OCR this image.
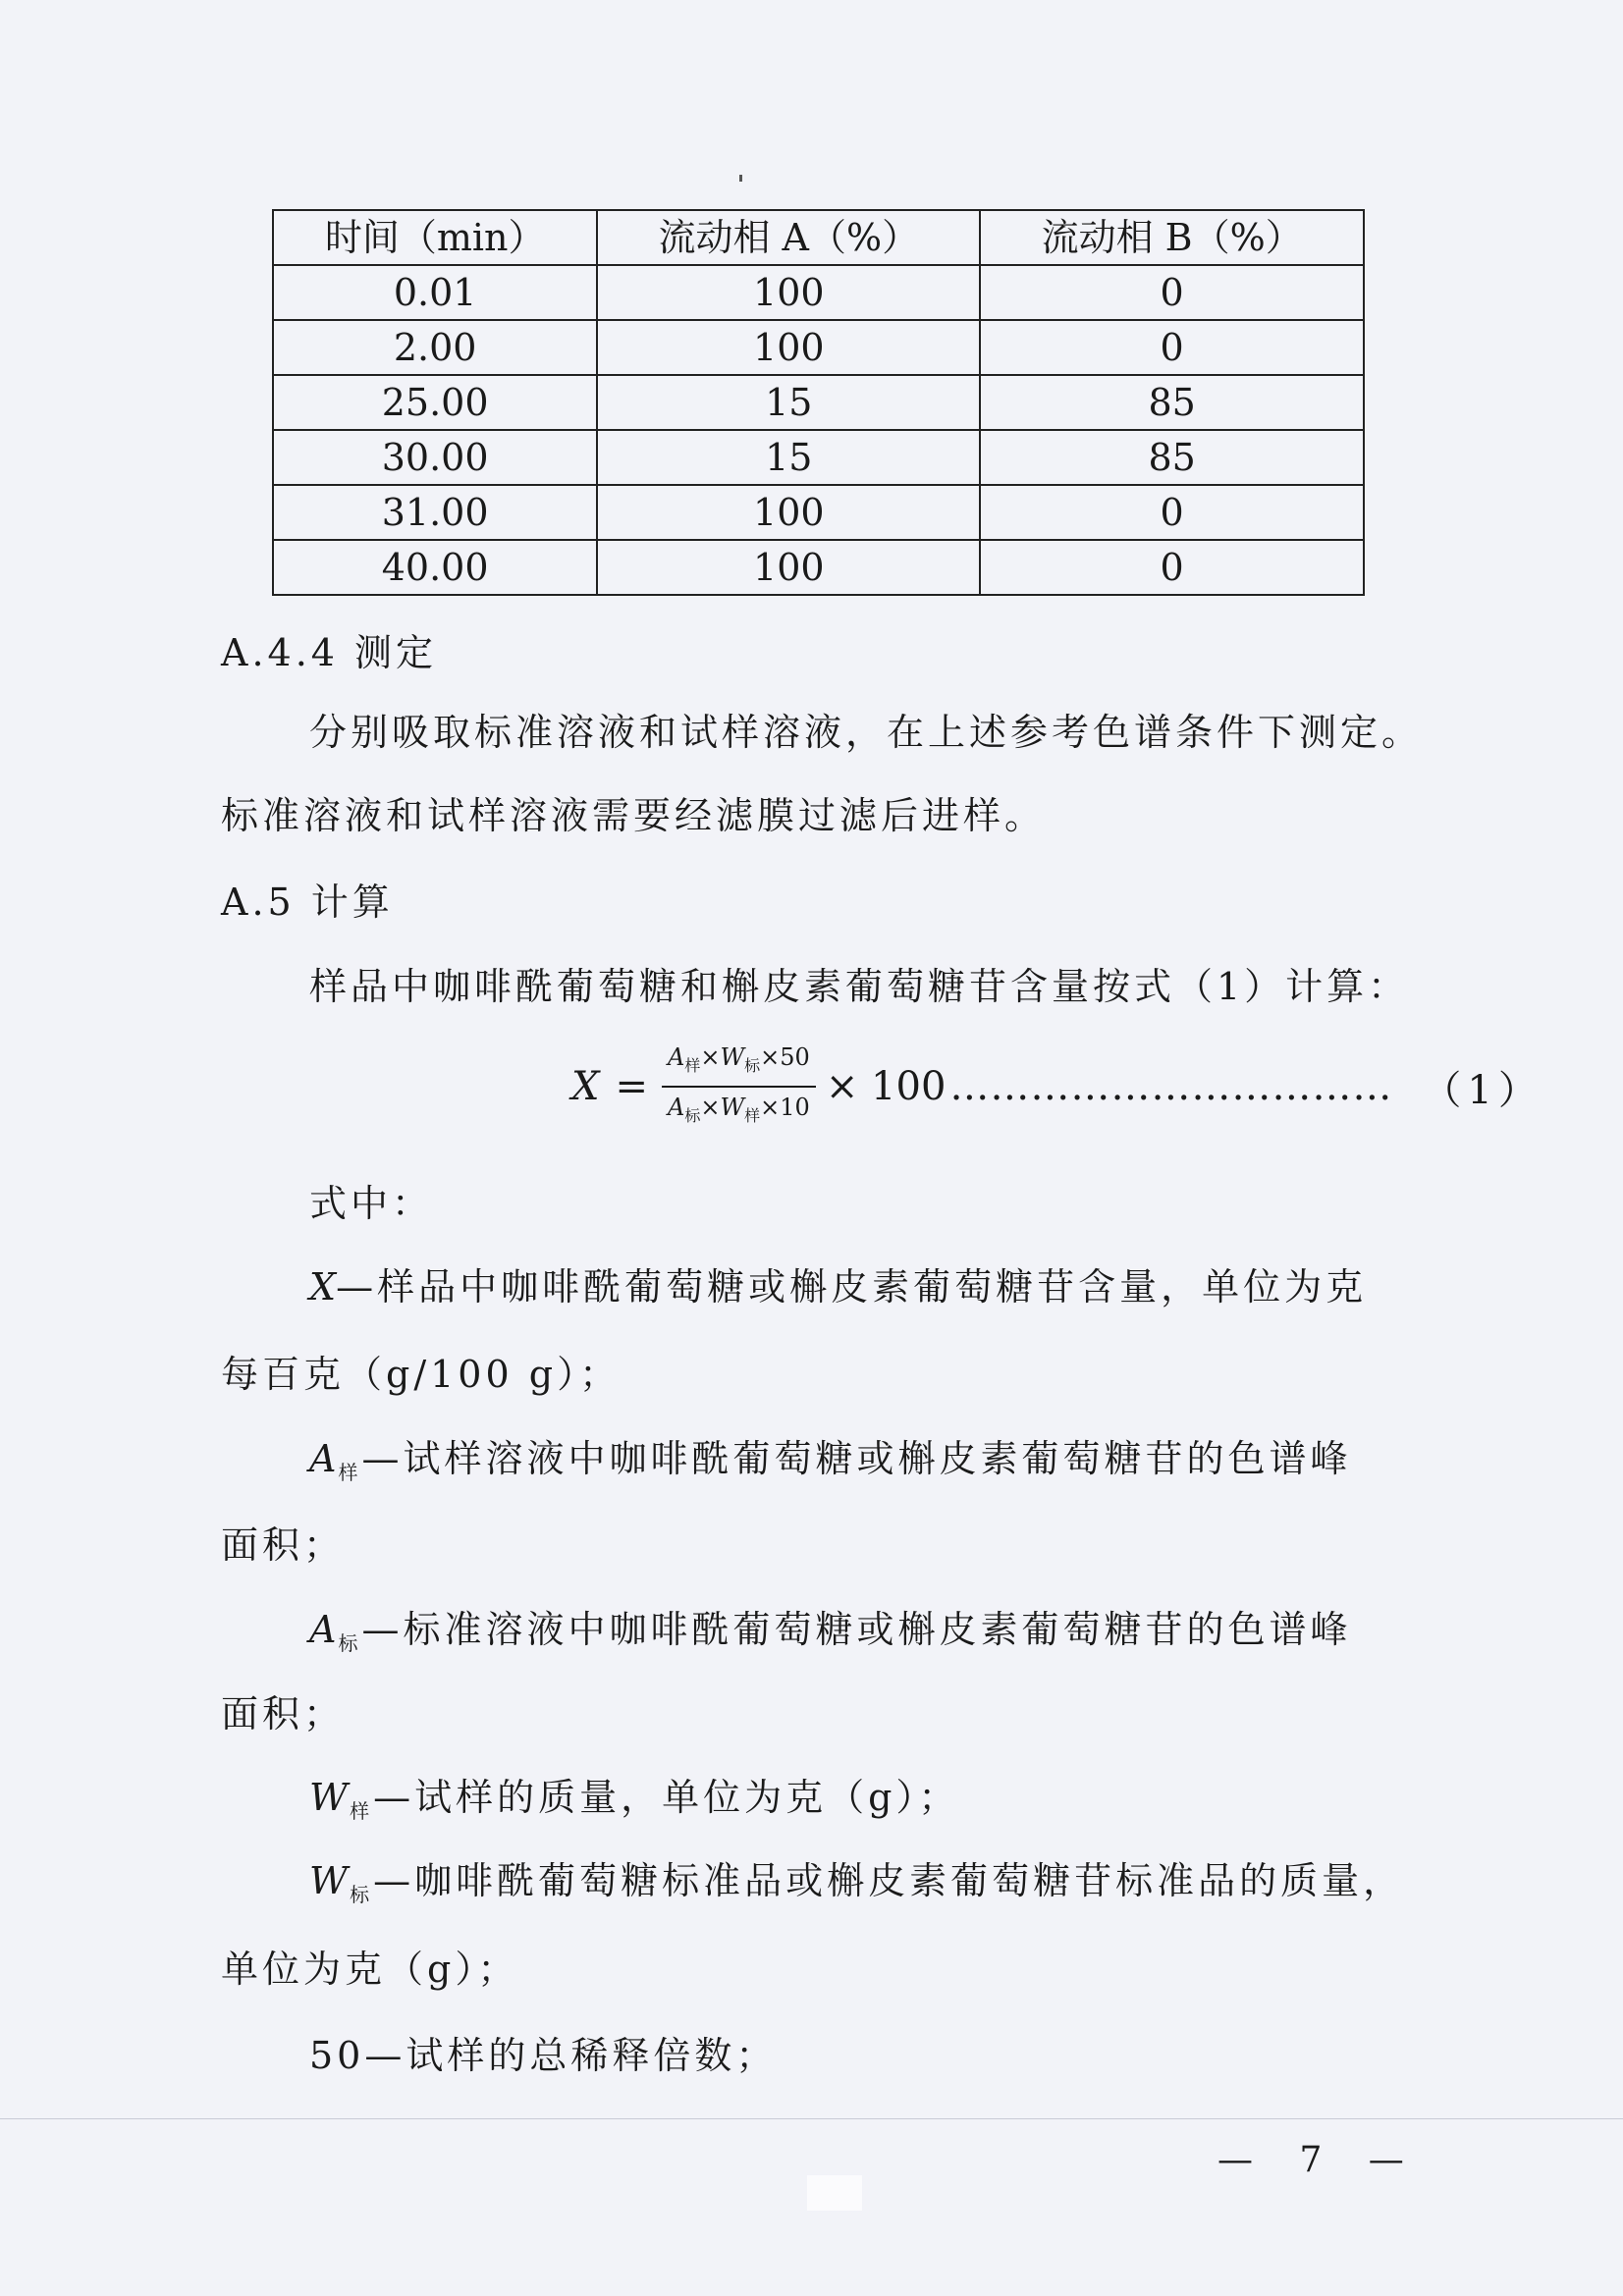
时间（min）	流动相 A（%）	流动相 B（%）
0.01	100	0
2.00	100	0
25.00	15	85
30.00	15	85
31.00	100	0
40.00	100	0
A.4.4 测定
分别吸取标准溶液和试样溶液，在上述参考色谱条件下测定。
标准溶液和试样溶液需要经滤膜过滤后进样。
A.5 计算
样品中咖啡酰葡萄糖和槲皮素葡萄糖苷含量按式（1）计算：
$X = \frac{A_样\times W_标\times 50}{A_标\times W_样\times 10} \times 100$ …………………………… （1）
式中：
X—样品中咖啡酰葡萄糖或槲皮素葡萄糖苷含量，单位为克
每百克（g/100 g）；
A $_样$ —试样溶液中咖啡酰葡萄糖或槲皮素葡萄糖苷的色谱峰
面积；
A $_标$ —标准溶液中咖啡酰葡萄糖或槲皮素葡萄糖苷的色谱峰
面积；
W $_样$ —试样的质量，单位为克（g）；
W $_标$ —咖啡酰葡萄糖标准品或槲皮素葡萄糖苷标准品的质量，
单位为克（g）；
50—试样的总稀释倍数；
— 7 —
